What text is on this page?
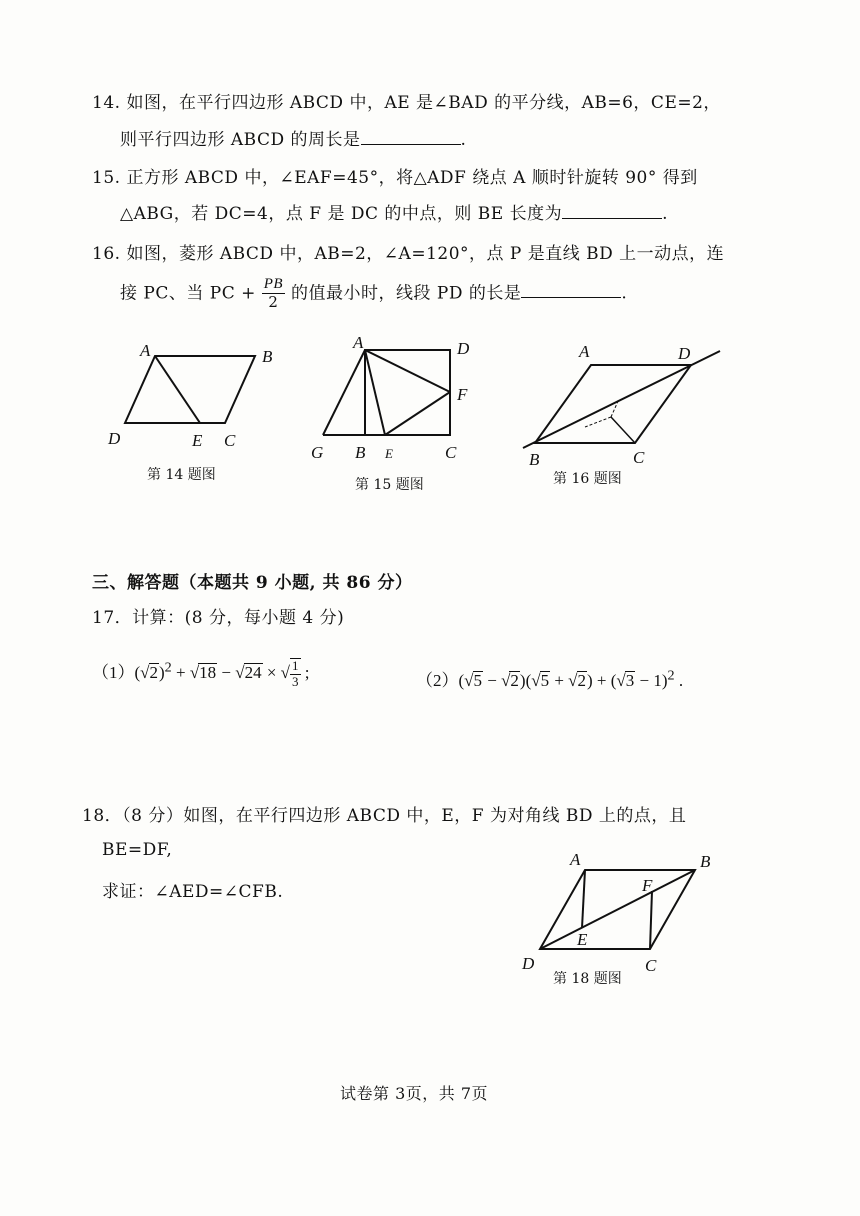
14. 如图，在平行四边形 ABCD 中，AE 是∠BAD 的平分线，AB=6，CE=2，
则平行四边形 ABCD 的周长是	.
15. 正方形 ABCD 中，∠EAF=45°，将△ADF 绕点 A 顺时针旋转 90° 得到
△ABG，若 DC=4，点 F 是 DC 的中点，则 BE 长度为	.
16. 如图，菱形 ABCD 中，AB=2，∠A=120°，点 P 是直线 BD 上一动点，连
接 PC、当 PC + $\frac{PB}{2}$ 的值最小时，线段 PD 的长是	.
A	B
D	E C
第 14 题图
A	D
F
G B E	C
第 15 题图
A	D
B	C
第 16 题图
三、解答题（本题共 9 小题, 共 86 分）
17．计算：(8 分，每小题 4 分)
$(1)(√2)^2 + √18 - √24$ × √ $\frac{1}{3}$ ;	$(2)(√5 - √2)(√5 + √2) + (√3 - 1)^2$ .
18．（8 分）如图，在平行四边形 ABCD 中，E，F 为对角线 BD 上的点，且
BE=DF,
求证：∠AED=∠CFB.
A	B
F
E
D	C
第 18 题图
试卷第 3页，共 7页
